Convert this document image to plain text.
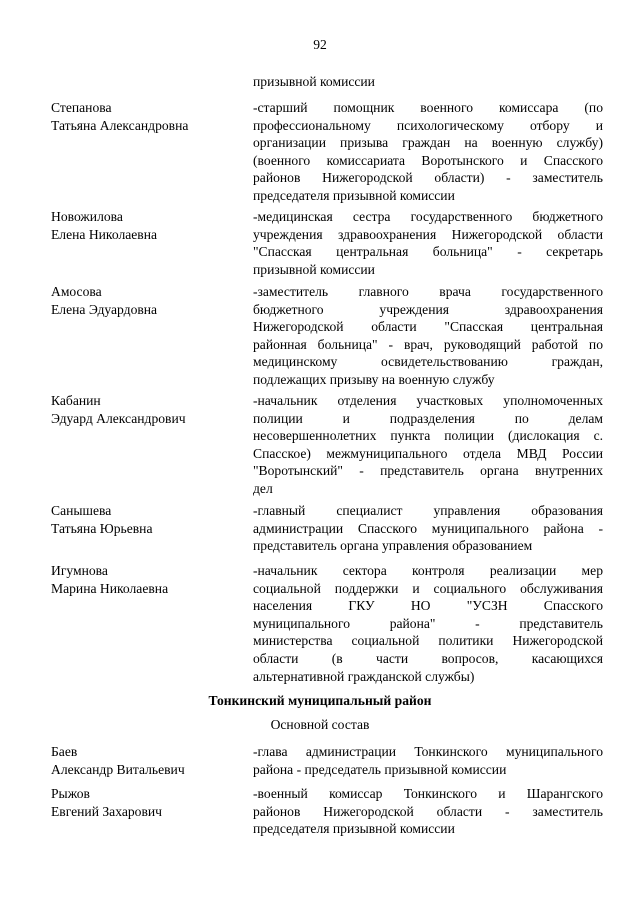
92
призывной комиссии
Степанова
Татьяна Александровна
-старший помощник военного комиссара (по
профессиональному психологическому отбору и
организации призыва граждан на военную службу)
(военного комиссариата Воротынского и Спасского
районов Нижегородской области) - заместитель
председателя призывной комиссии
Новожилова
Елена Николаевна
-медицинская сестра государственного бюджетного
учреждения здравоохранения Нижегородской области
"Спасская центральная больница" - секретарь
призывной комиссии
Амосова
Елена Эдуардовна
-заместитель главного врача государственного
бюджетного учреждения здравоохранения
Нижегородской области "Спасская центральная
районная больница" - врач, руководящий работой по
медицинскому освидетельствованию граждан,
подлежащих призыву на военную службу
Кабанин
Эдуард Александрович
-начальник отделения участковых уполномоченных
полиции и подразделения по делам
несовершеннолетних пункта полиции (дислокация с.
Спасское) межмуниципального отдела МВД России
"Воротынский" - представитель органа внутренних
дел
Санышева
Татьяна Юрьевна
-главный специалист управления образования
администрации Спасского муниципального района -
представитель органа управления образованием
Игумнова
Марина Николаевна
-начальник сектора контроля реализации мер
социальной поддержки и социального обслуживания
населения ГКУ НО "УСЗН Спасского
муниципального района" - представитель
министерства социальной политики Нижегородской
области (в части вопросов, касающихся
альтернативной гражданской службы)
Тонкинский муниципальный район
Основной состав
Баев
Александр Витальевич
-глава администрации Тонкинского муниципального
района - председатель призывной комиссии
Рыжов
Евгений Захарович
-военный комиссар Тонкинского и Шарангского
районов Нижегородской области - заместитель
председателя призывной комиссии
